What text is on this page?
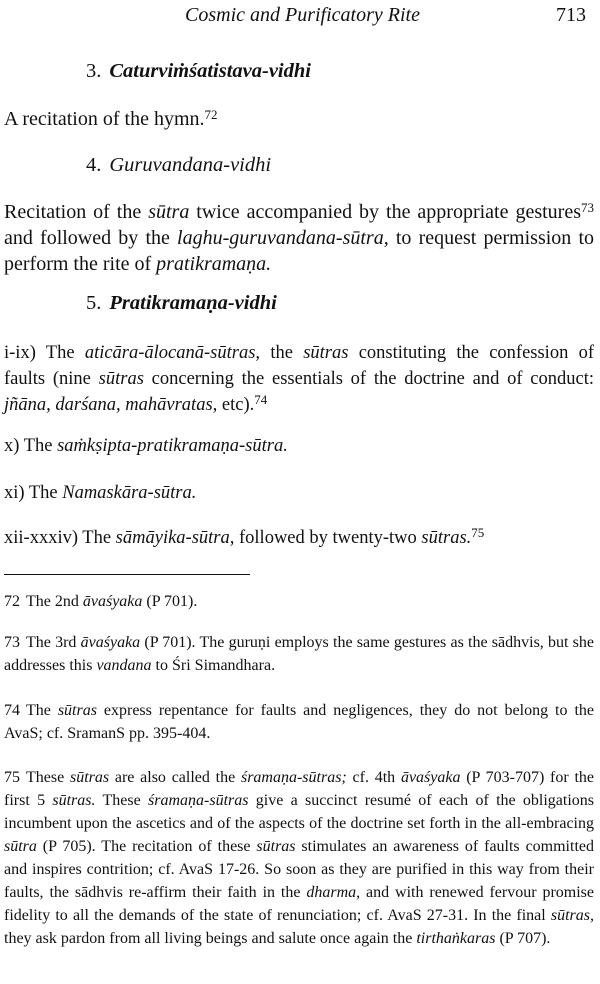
Cosmic and Purificatory Rite	713
3. Caturviṁśatistava-vidhi
A recitation of the hymn.$^{72}$
4. Guruvandana-vidhi
Recitation of the sūtra twice accompanied by the appropriate gestures$^{73}$ and followed by the laghu-guruvandana-sūtra, to request permission to perform the rite of pratikramaṇa.
5. Pratikramaṇa-vidhi
i-ix) The aticāra-ālocanā-sūtras, the sūtras constituting the confession of faults (nine sūtras concerning the essentials of the doctrine and of conduct: jñāna, darśana, mahāvratas, etc).$^{74}$
x) The saṁkṣipta-pratikramaṇa-sūtra.
xi) The Namaskāra-sūtra.
xii-xxxiv) The sāmāyika-sūtra, followed by twenty-two sūtras.$^{75}$
72 The 2nd āvaśyaka (P 701).
73 The 3rd āvaśyaka (P 701). The guruṇi employs the same gestures as the sādhvis, but she addresses this vandana to Śri Simandhara.
74 The sūtras express repentance for faults and negligences, they do not belong to the AvaS; cf. SramanS pp. 395-404.
75 These sūtras are also called the śramaṇa-sūtras; cf. 4th āvaśyaka (P 703-707) for the first 5 sūtras. These śramaṇa-sūtras give a succinct resumé of each of the obligations incumbent upon the ascetics and of the aspects of the doctrine set forth in the all-embracing sūtra (P 705). The recitation of these sūtras stimulates an awareness of faults committed and inspires contrition; cf. AvaS 17-26. So soon as they are purified in this way from their faults, the sādhvis re-affirm their faith in the dharma, and with renewed fervour promise fidelity to all the demands of the state of renunciation; cf. AvaS 27-31. In the final sūtras, they ask pardon from all living beings and salute once again the tirthaṅkaras (P 707).
